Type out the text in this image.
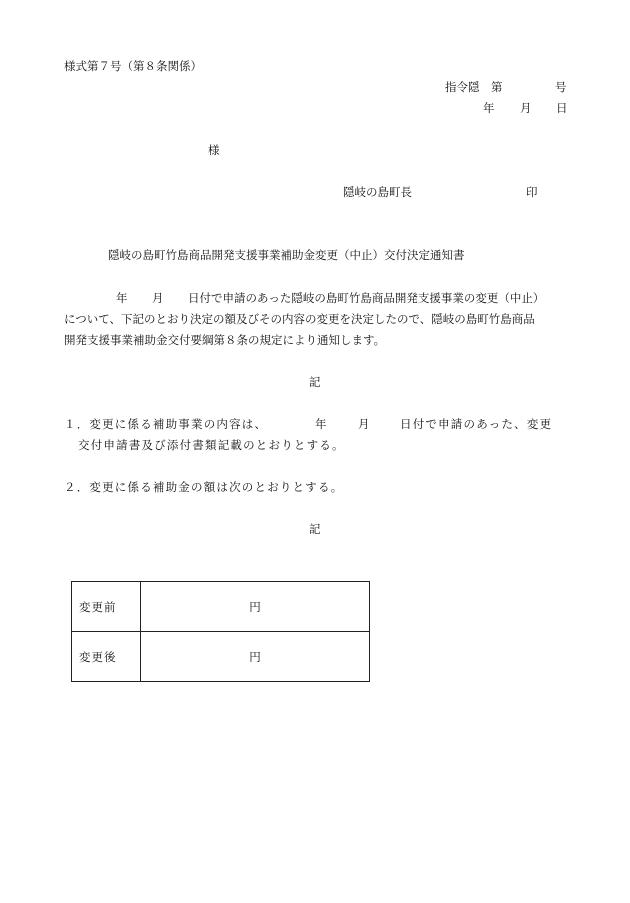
様式第７号（第８条関係）
指令隠 第	号
年 月 日
様
隠岐の島町長	印
隠岐の島町竹島商品開発支援事業補助金変更（中止）交付決定通知書
年 月 日付で申請のあった隠岐の島町竹島商品開発支援事業の変更（中止）
について、下記のとおり決定の額及びその内容の変更を決定したので、隠岐の島町竹島商品
開発支援事業補助金交付要綱第８条の規定により通知します。
記
１．変更に係る補助事業の内容は、	年	月	日付で申請のあった、変更
交付申請書及び添付書類記載のとおりとする。
２．変更に係る補助金の額は次のとおりとする。
記
変更前	円
変更後	円
